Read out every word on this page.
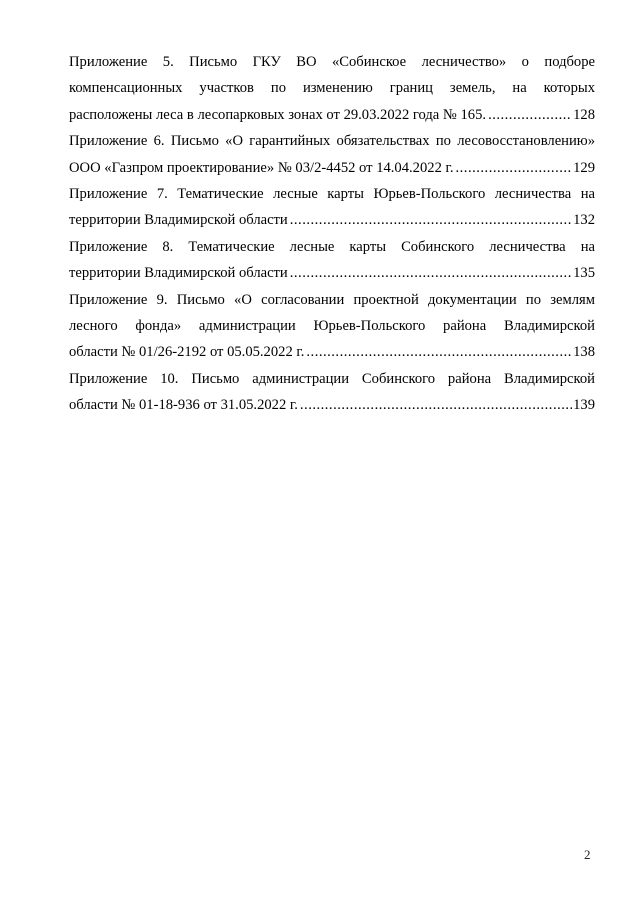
Приложение 5. Письмо ГКУ ВО «Собинское лесничество» о подборе
компенсационных участков по изменению границ земель, на которых
расположены леса в лесопарковых зонах от 29.03.2022 года № 165. .....	128
Приложение 6. Письмо «О гарантийных обязательствах по лесовосстановлению»
ООО «Газпром проектирование» № 03/2-4452 от 14.04.2022 г. .....	129
Приложение 7. Тематические лесные карты Юрьев-Польского лесничества на
территории Владимирской области .....	132
Приложение 8. Тематические лесные карты Собинского лесничества на
территории Владимирской области .....	135
Приложение 9. Письмо «О согласовании проектной документации по землям
лесного фонда» администрации Юрьев-Польского района Владимирской
области № 01/26-2192 от 05.05.2022 г. .....	138
Приложение 10. Письмо администрации Собинского района Владимирской
области № 01-18-936 от 31.05.2022 г. .....	139
2
